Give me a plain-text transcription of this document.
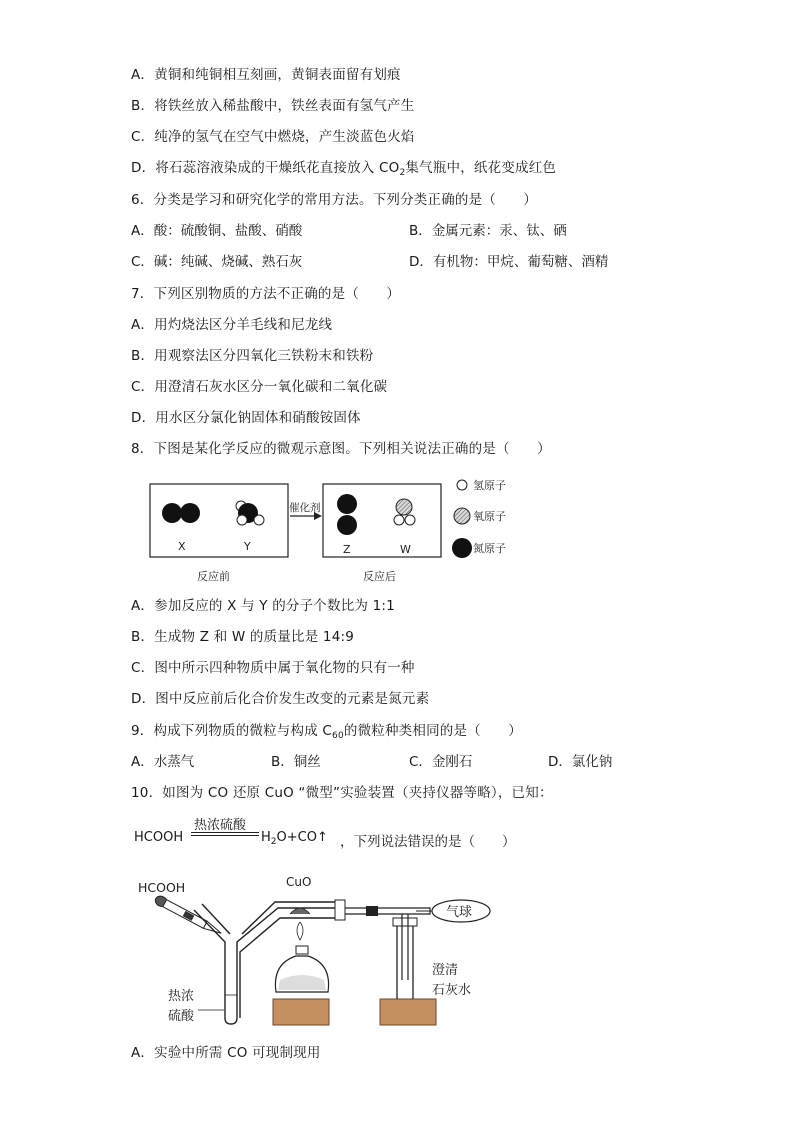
A．黄铜和纯铜相互刻画，黄铜表面留有划痕
B．将铁丝放入稀盐酸中，铁丝表面有氢气产生
C．纯净的氢气在空气中燃烧，产生淡蓝色火焰
D．将石蕊溶液染成的干燥纸花直接放入 $CO_2$集气瓶中，纸花变成红色
6．分类是学习和研究化学的常用方法。下列分类正确的是（　　）
A．酸：硫酸铜、盐酸、硝酸	B．金属元素：汞、钛、硒
C．碱：纯碱、烧碱、熟石灰	D．有机物：甲烷、葡萄糖、酒精
7．下列区别物质的方法不正确的是（　　）
A．用灼烧法区分羊毛线和尼龙线
B．用观察法区分四氧化三铁粉末和铁粉
C．用澄清石灰水区分一氧化碳和二氧化碳
D．用水区分氯化钠固体和硝酸铵固体
8．下图是某化学反应的微观示意图。下列相关说法正确的是（　　）
X	Y
催化剂
Z	W
反应前	反应后
氢原子
氧原子
氮原子
A．参加反应的 X 与 Y 的分子个数比为 1:1
B．生成物 Z 和 W 的质量比是 14:9
C．图中所示四种物质中属于氧化物的只有一种
D．图中反应前后化合价发生改变的元素是氮元素
9．构成下列物质的微粒与构成 $C_{60}$的微粒种类相同的是（　　）
A．水蒸气	B．铜丝	C．金刚石	D．氯化钠
10．如图为 CO 还原 CuO “微型”实验装置（夹持仪器等略），已知：
HCOOH
热浓硫酸
$H_2O+CO↑$ ，下列说法错误的是（　　）
HCOOH	CuO
气球
澄清
石灰水
热浓
硫酸
A．实验中所需 CO 可现制现用
